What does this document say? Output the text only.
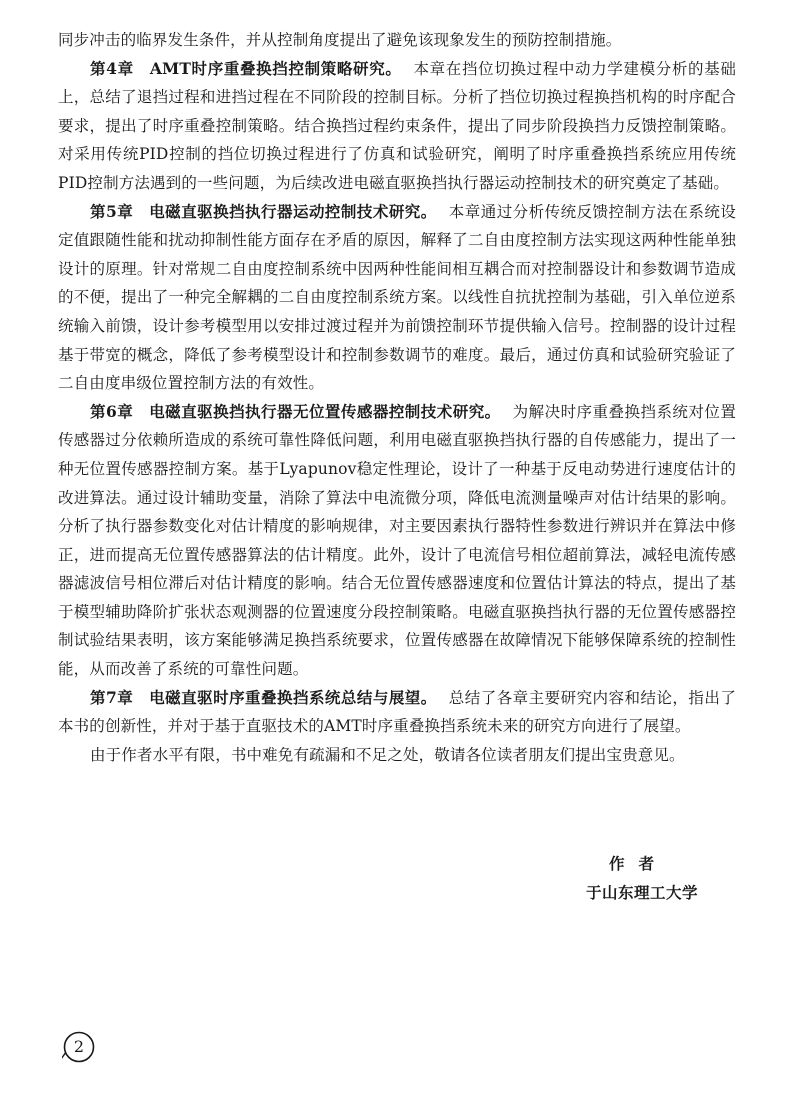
同步冲击的临界发生条件，并从控制角度提出了避免该现象发生的预防控制措施。

第4章　AMT时序重叠换挡控制策略研究。 本章在挡位切换过程中动力学建模分析的基础上，总结了退挡过程和进挡过程在不同阶段的控制目标。分析了挡位切换过程换挡机构的时序配合要求，提出了时序重叠控制策略。结合换挡过程约束条件，提出了同步阶段换挡力反馈控制策略。对采用传统PID控制的挡位切换过程进行了仿真和试验研究，阐明了时序重叠换挡系统应用传统PID控制方法遇到的一些问题，为后续改进电磁直驱换挡执行器运动控制技术的研究奠定了基础。

第5章　电磁直驱换挡执行器运动控制技术研究。 本章通过分析传统反馈控制方法在系统设定值跟随性能和扰动抑制性能方面存在矛盾的原因，解释了二自由度控制方法实现这两种性能单独设计的原理。针对常规二自由度控制系统中因两种性能间相互耦合而对控制器设计和参数调节造成的不便，提出了一种完全解耦的二自由度控制系统方案。以线性自抗扰控制为基础，引入单位逆系统输入前馈，设计参考模型用以安排过渡过程并为前馈控制环节提供输入信号。控制器的设计过程基于带宽的概念，降低了参考模型设计和控制参数调节的难度。最后，通过仿真和试验研究验证了二自由度串级位置控制方法的有效性。

第6章　电磁直驱换挡执行器无位置传感器控制技术研究。 为解决时序重叠换挡系统对位置传感器过分依赖所造成的系统可靠性降低问题，利用电磁直驱换挡执行器的自传感能力，提出了一种无位置传感器控制方案。基于Lyapunov稳定性理论，设计了一种基于反电动势进行速度估计的改进算法。通过设计辅助变量，消除了算法中电流微分项，降低电流测量噪声对估计结果的影响。分析了执行器参数变化对估计精度的影响规律，对主要因素执行器特性参数进行辨识并在算法中修正，进而提高无位置传感器算法的估计精度。此外，设计了电流信号相位超前算法，减轻电流传感器滤波信号相位滞后对估计精度的影响。结合无位置传感器速度和位置估计算法的特点，提出了基于模型辅助降阶扩张状态观测器的位置速度分段控制策略。电磁直驱换挡执行器的无位置传感器控制试验结果表明，该方案能够满足换挡系统要求，位置传感器在故障情况下能够保障系统的控制性能，从而改善了系统的可靠性问题。

第7章　电磁直驱时序重叠换挡系统总结与展望。 总结了各章主要研究内容和结论，指出了本书的创新性，并对于基于直驱技术的AMT时序重叠换挡系统未来的研究方向进行了展望。

由于作者水平有限，书中难免有疏漏和不足之处，敬请各位读者朋友们提出宝贵意见。

作者
于山东理工大学
2
